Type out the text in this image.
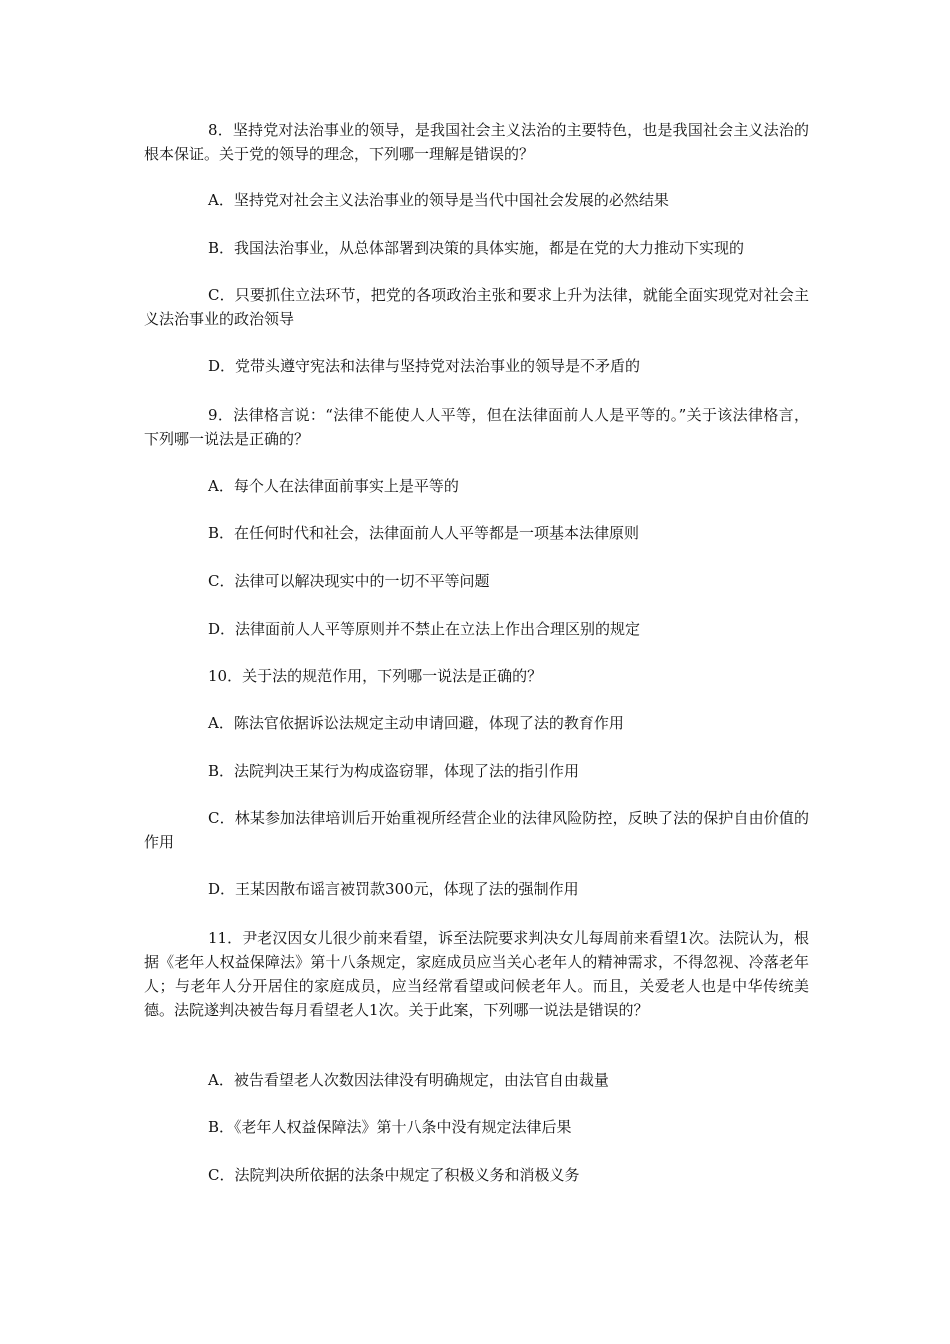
8．坚持党对法治事业的领导，是我国社会主义法治的主要特色，也是我国社会主义法治的根本保证。关于党的领导的理念，下列哪一理解是错误的？

A．坚持党对社会主义法治事业的领导是当代中国社会发展的必然结果

B．我国法治事业，从总体部署到决策的具体实施，都是在党的大力推动下实现的

C．只要抓住立法环节，把党的各项政治主张和要求上升为法律，就能全面实现党对社会主义法治事业的政治领导

D．党带头遵守宪法和法律与坚持党对法治事业的领导是不矛盾的

9．法律格言说：“法律不能使人人平等，但在法律面前人人是平等的。”关于该法律格言，下列哪一说法是正确的？

A．每个人在法律面前事实上是平等的

B．在任何时代和社会，法律面前人人平等都是一项基本法律原则

C．法律可以解决现实中的一切不平等问题

D．法律面前人人平等原则并不禁止在立法上作出合理区别的规定

10．关于法的规范作用，下列哪一说法是正确的？

A．陈法官依据诉讼法规定主动申请回避，体现了法的教育作用

B．法院判决王某行为构成盗窃罪，体现了法的指引作用

C．林某参加法律培训后开始重视所经营企业的法律风险防控，反映了法的保护自由价值的作用

D．王某因散布谣言被罚款300元，体现了法的强制作用

11．尹老汉因女儿很少前来看望，诉至法院要求判决女儿每周前来看望1次。法院认为，根据《老年人权益保障法》第十八条规定，家庭成员应当关心老年人的精神需求，不得忽视、冷落老年人；与老年人分开居住的家庭成员，应当经常看望或问候老年人。而且，关爱老人也是中华传统美德。法院遂判决被告每月看望老人1次。关于此案，下列哪一说法是错误的？

A．被告看望老人次数因法律没有明确规定，由法官自由裁量

B．《老年人权益保障法》第十八条中没有规定法律后果

C．法院判决所依据的法条中规定了积极义务和消极义务
